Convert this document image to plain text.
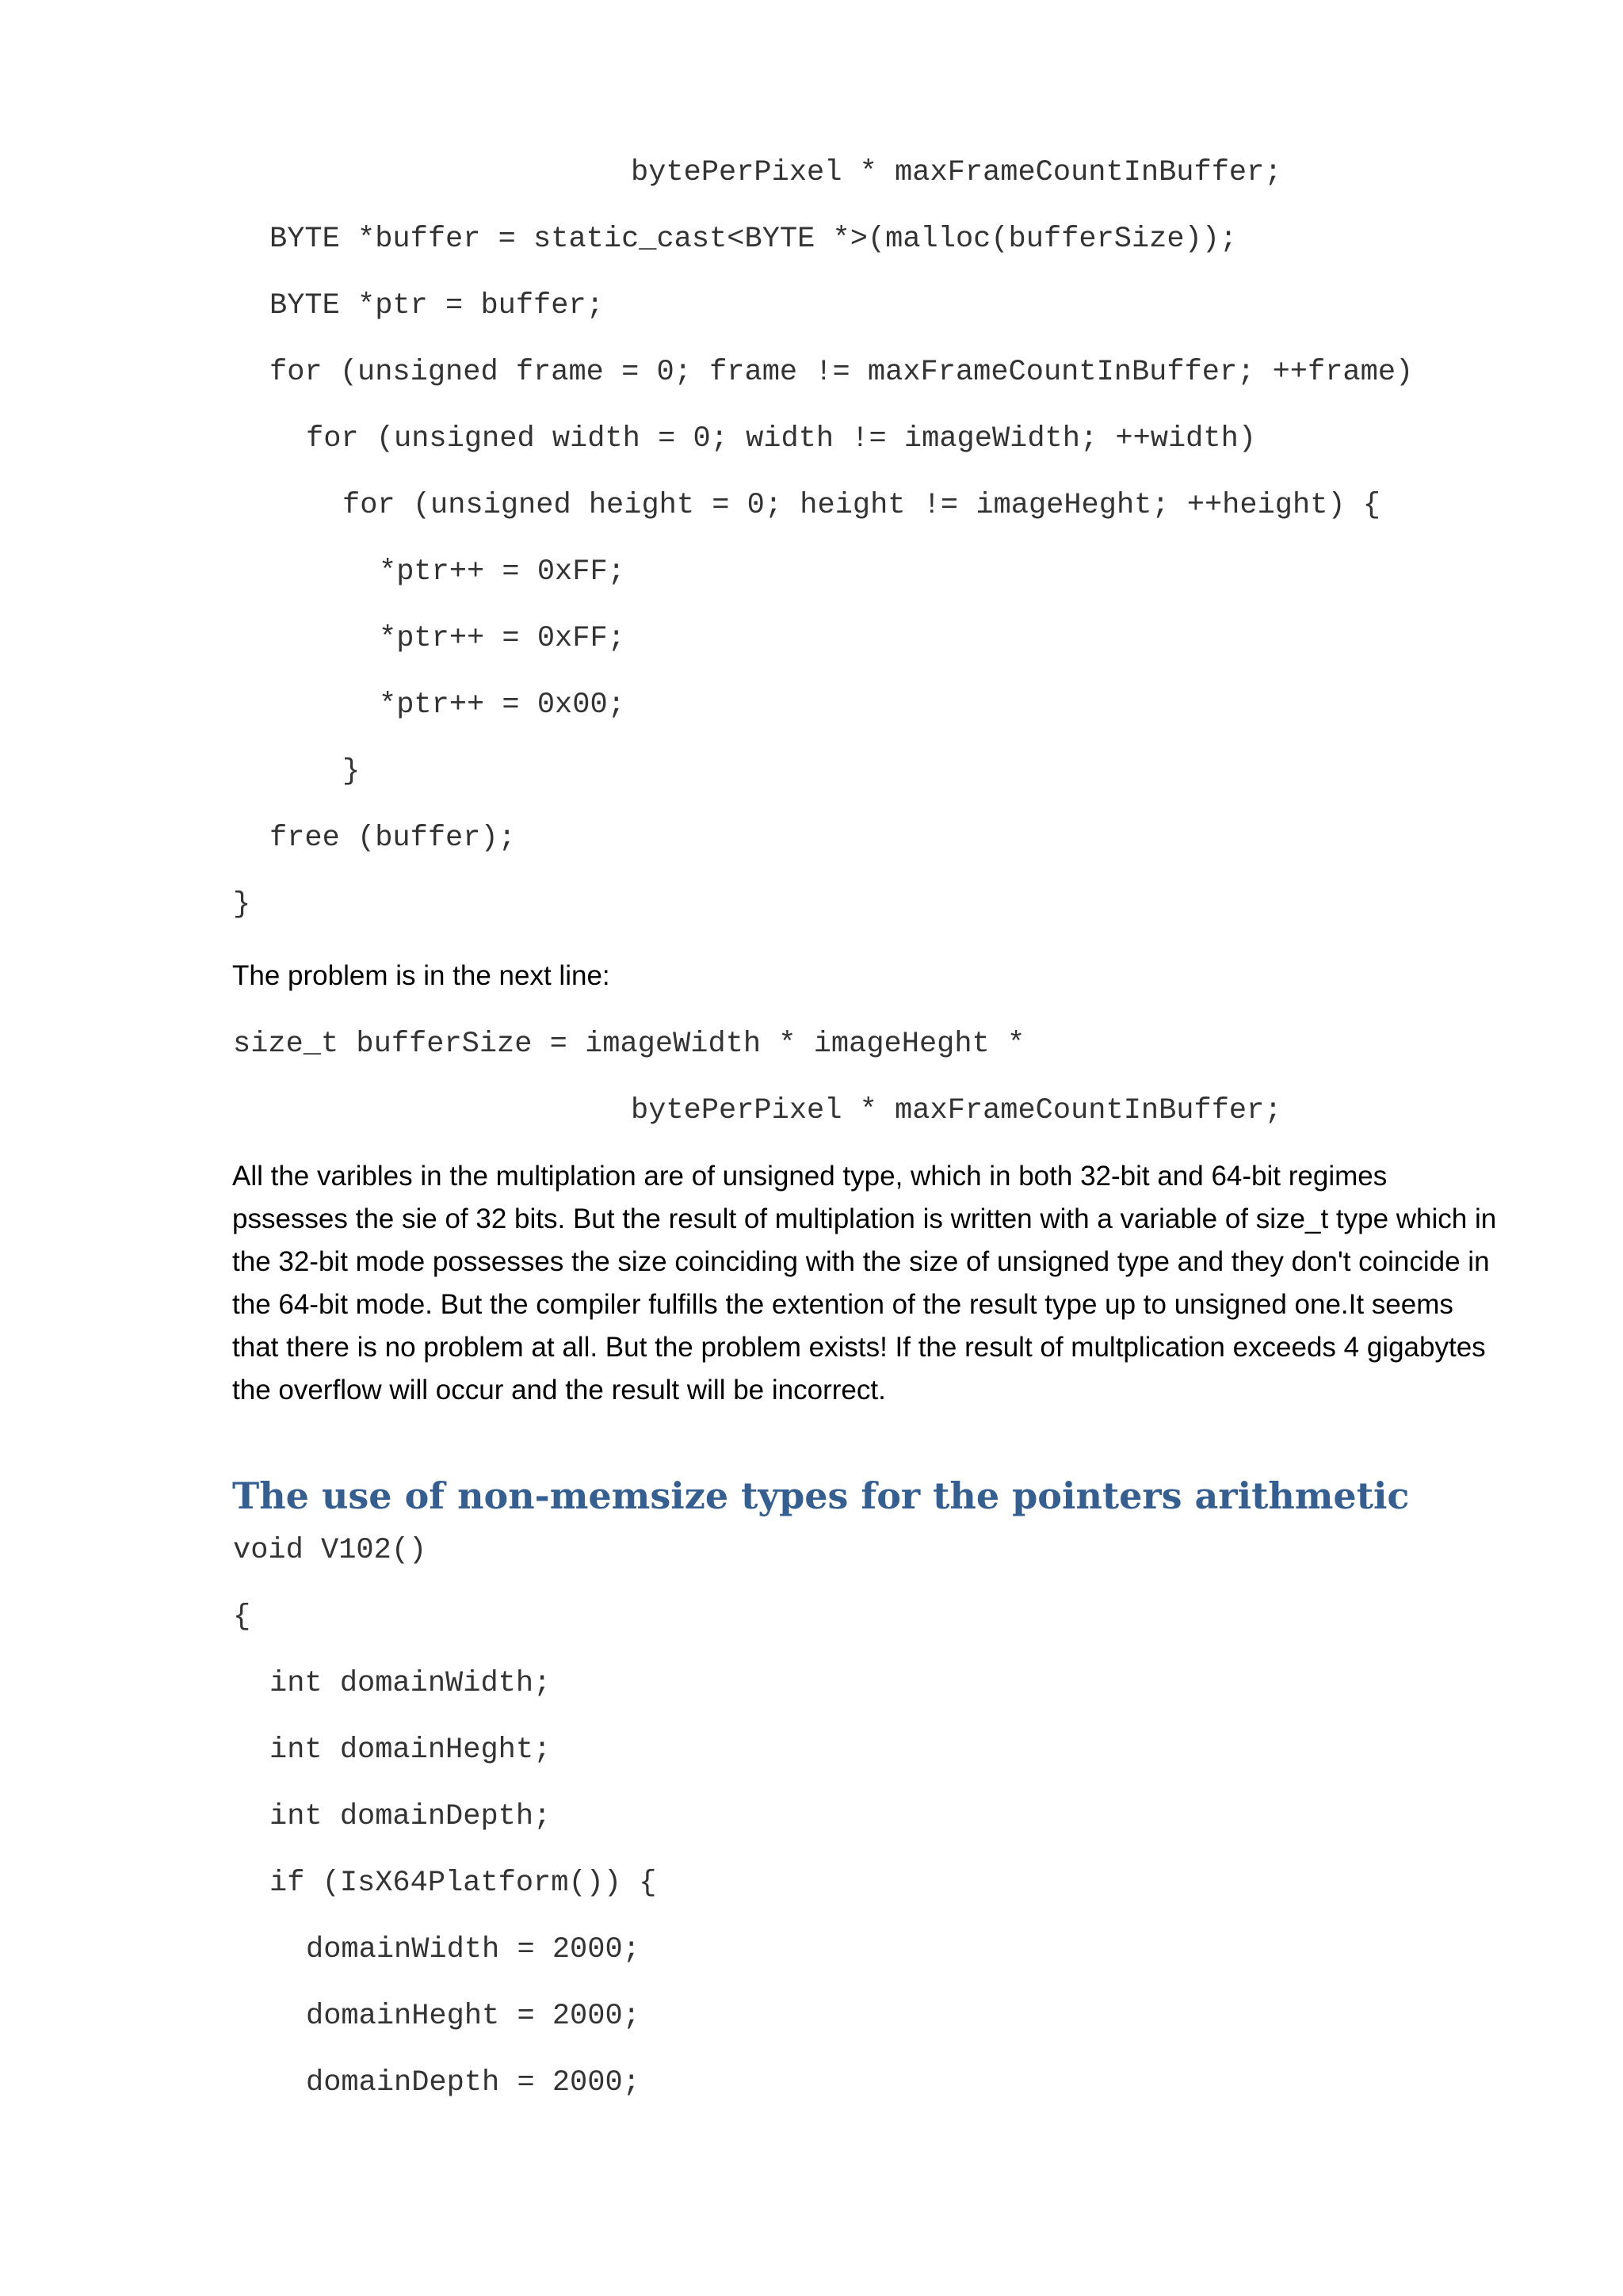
bytePerPixel * maxFrameCountInBuffer;
BYTE *buffer = static_cast<BYTE *>(malloc(bufferSize));
BYTE *ptr = buffer;
for (unsigned frame = 0; frame != maxFrameCountInBuffer; ++frame)
for (unsigned width = 0; width != imageWidth; ++width)
for (unsigned height = 0; height != imageHeght; ++height) {
*ptr++ = 0xFF;
*ptr++ = 0xFF;
*ptr++ = 0x00;
}
free (buffer);
}
The problem is in the next line:
size_t bufferSize = imageWidth * imageHeght *
bytePerPixel * maxFrameCountInBuffer;
All the varibles in the multiplation are of unsigned type, which in both 32-bit and 64-bit regimes
pssesses the sie of 32 bits. But the result of multiplation is written with a variable of size_t type which in
the 32-bit mode possesses the size coinciding with the size of unsigned type and they don't coincide in
the 64-bit mode. But the compiler fulfills the extention of the result type up to unsigned one.It seems
that there is no problem at all. But the problem exists! If the result of multplication exceeds 4 gigabytes
the overflow will occur and the result will be incorrect.
The use of non-memsize types for the pointers arithmetic
void V102()
{
int domainWidth;
int domainHeght;
int domainDepth;
if (IsX64Platform()) {
domainWidth = 2000;
domainHeght = 2000;
domainDepth = 2000;
